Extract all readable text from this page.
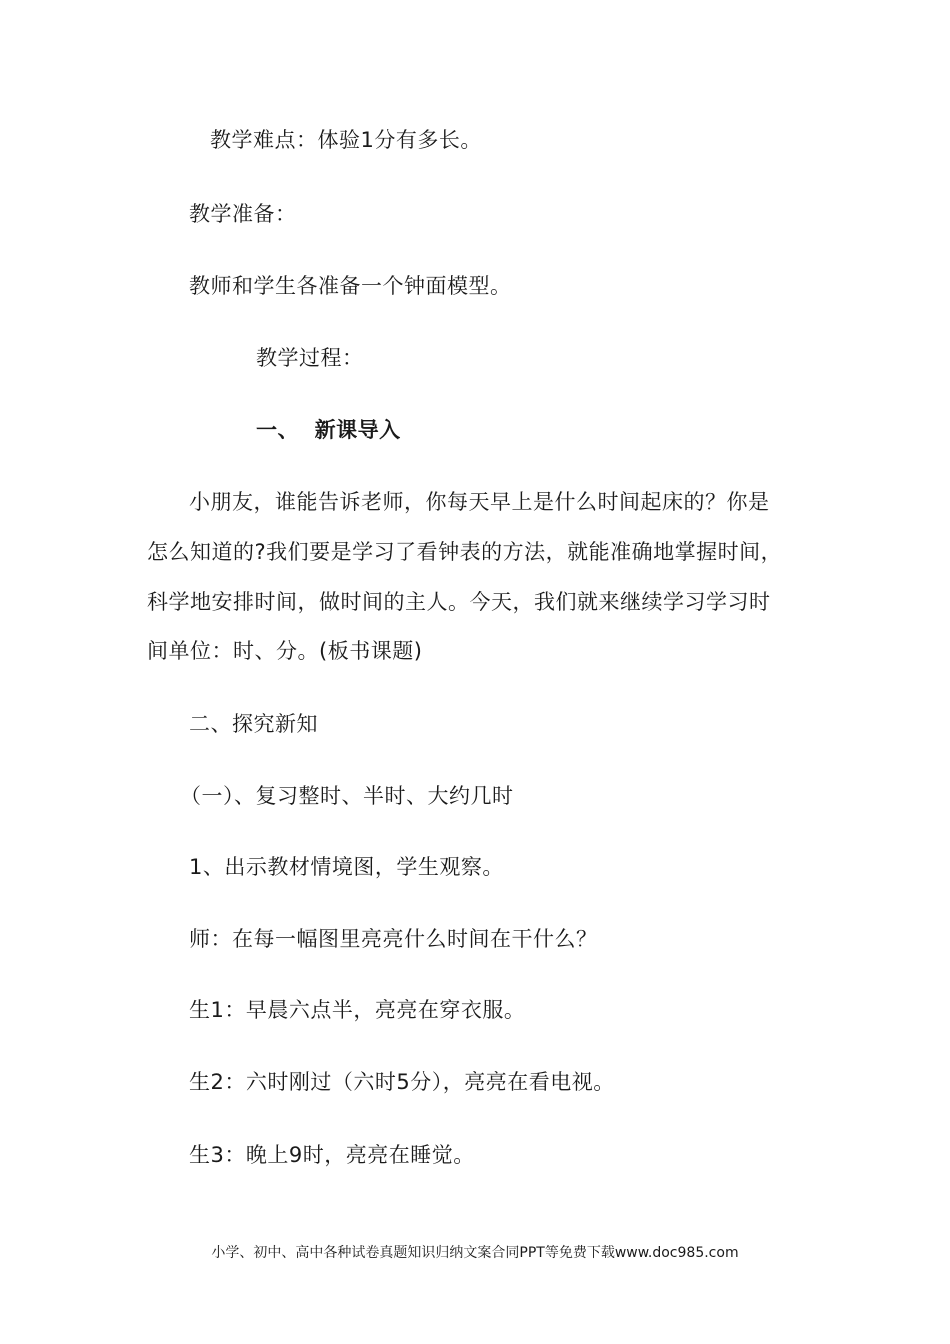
教学难点：体验1分有多长。
教学准备：
教师和学生各准备一个钟面模型。
教学过程：
一、  新课导入
小朋友，谁能告诉老师，你每天早上是什么时间起床的？你是
怎么知道的?我们要是学习了看钟表的方法，就能准确地掌握时间，
科学地安排时间，做时间的主人。今天，我们就来继续学习学习时
间单位：时、分。(板书课题)
二、探究新知
（一）、复习整时、半时、大约几时
1、出示教材情境图，学生观察。
师：在每一幅图里亮亮什么时间在干什么？
生1：早晨六点半，亮亮在穿衣服。
生2：六时刚过（六时5分），亮亮在看电视。
生3：晚上9时，亮亮在睡觉。
小学、初中、高中各种试卷真题知识归纳文案合同PPT等免费下载www.doc985.com
